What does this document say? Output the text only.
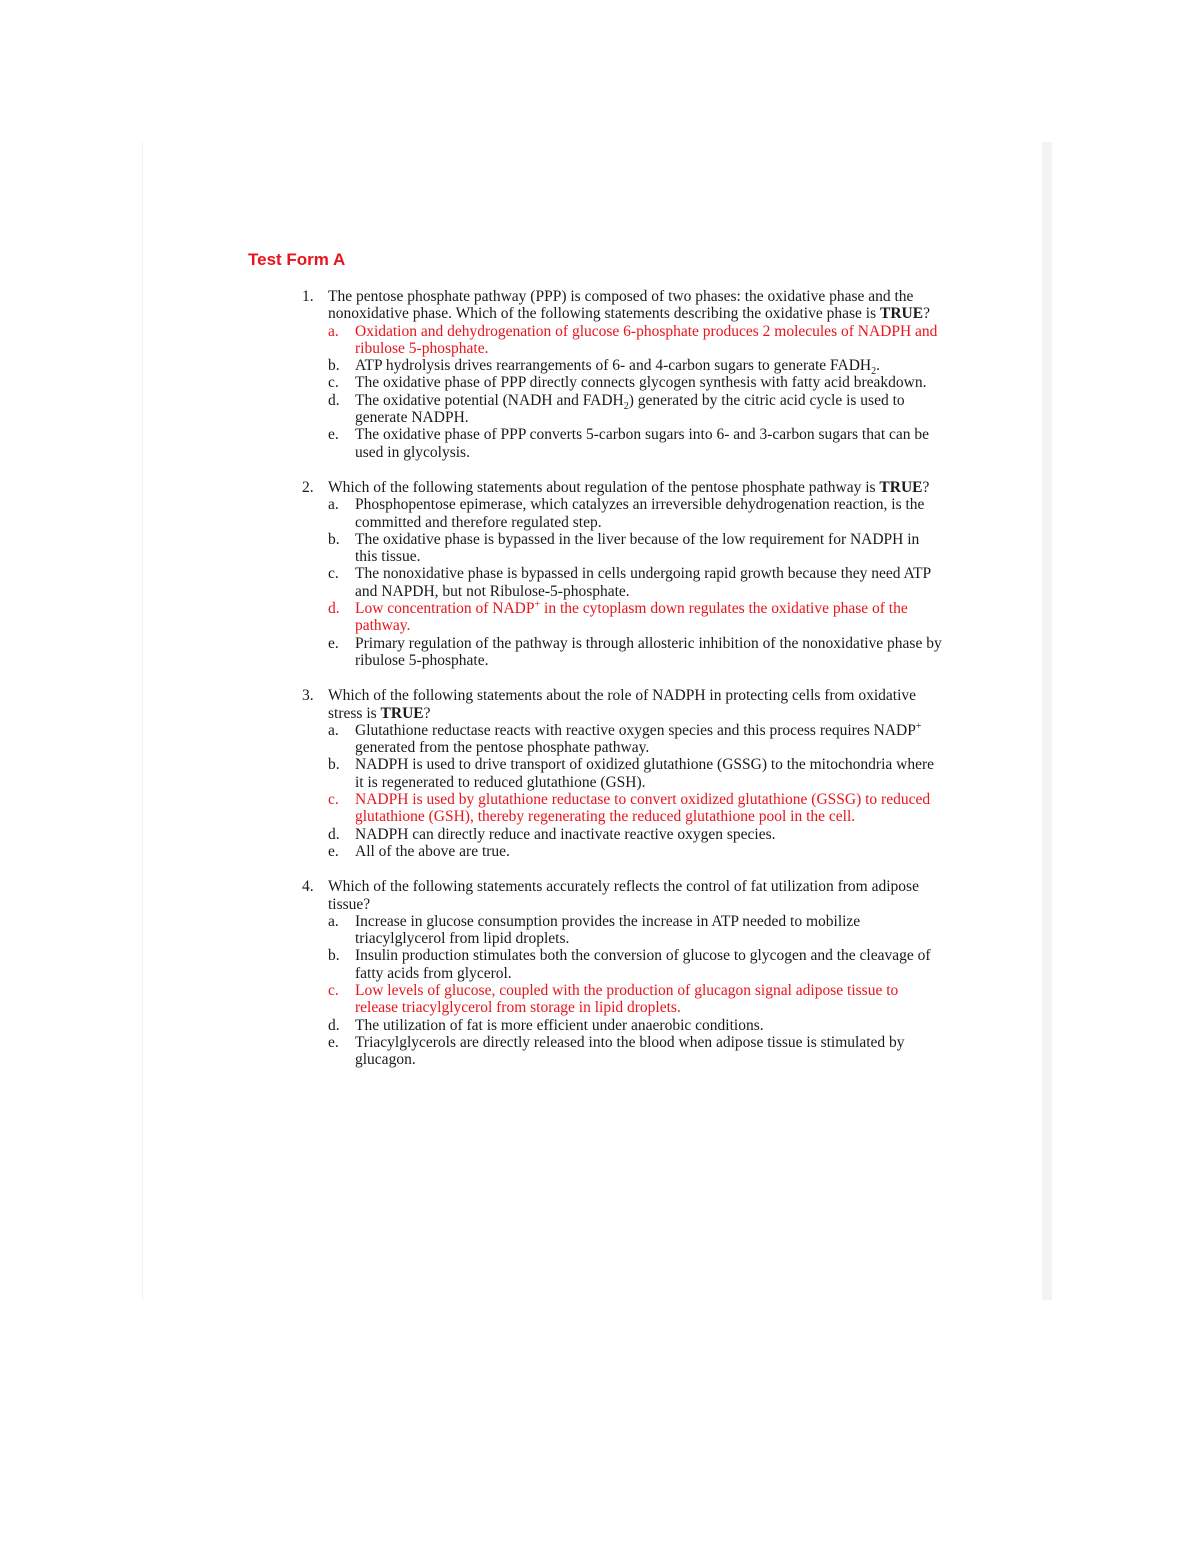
Test Form A
1. The pentose phosphate pathway (PPP) is composed of two phases: the oxidative phase and the nonoxidative phase. Which of the following statements describing the oxidative phase is TRUE?
a. Oxidation and dehydrogenation of glucose 6-phosphate produces 2 molecules of NADPH and ribulose 5-phosphate.
b. ATP hydrolysis drives rearrangements of 6- and 4-carbon sugars to generate $FADH_2$.
c. The oxidative phase of PPP directly connects glycogen synthesis with fatty acid breakdown.
d. The oxidative potential (NADH and $FADH_2$) generated by the citric acid cycle is used to generate NADPH.
e. The oxidative phase of PPP converts 5-carbon sugars into 6- and 3-carbon sugars that can be used in glycolysis.
2. Which of the following statements about regulation of the pentose phosphate pathway is TRUE?
a. Phosphopentose epimerase, which catalyzes an irreversible dehydrogenation reaction, is the committed and therefore regulated step.
b. The oxidative phase is bypassed in the liver because of the low requirement for NADPH in this tissue.
c. The nonoxidative phase is bypassed in cells undergoing rapid growth because they need ATP and NAPDH, but not Ribulose-5-phosphate.
d. Low concentration of NADP+ in the cytoplasm down regulates the oxidative phase of the pathway.
e. Primary regulation of the pathway is through allosteric inhibition of the nonoxidative phase by ribulose 5-phosphate.
3. Which of the following statements about the role of NADPH in protecting cells from oxidative stress is TRUE?
a. Glutathione reductase reacts with reactive oxygen species and this process requires NADP+ generated from the pentose phosphate pathway.
b. NADPH is used to drive transport of oxidized glutathione (GSSG) to the mitochondria where it is regenerated to reduced glutathione (GSH).
c. NADPH is used by glutathione reductase to convert oxidized glutathione (GSSG) to reduced glutathione (GSH), thereby regenerating the reduced glutathione pool in the cell.
d. NADPH can directly reduce and inactivate reactive oxygen species.
e. All of the above are true.
4. Which of the following statements accurately reflects the control of fat utilization from adipose tissue?
a. Increase in glucose consumption provides the increase in ATP needed to mobilize triacylglycerol from lipid droplets.
b. Insulin production stimulates both the conversion of glucose to glycogen and the cleavage of fatty acids from glycerol.
c. Low levels of glucose, coupled with the production of glucagon signal adipose tissue to release triacylglycerol from storage in lipid droplets.
d. The utilization of fat is more efficient under anaerobic conditions.
e. Triacylglycerols are directly released into the blood when adipose tissue is stimulated by glucagon.
